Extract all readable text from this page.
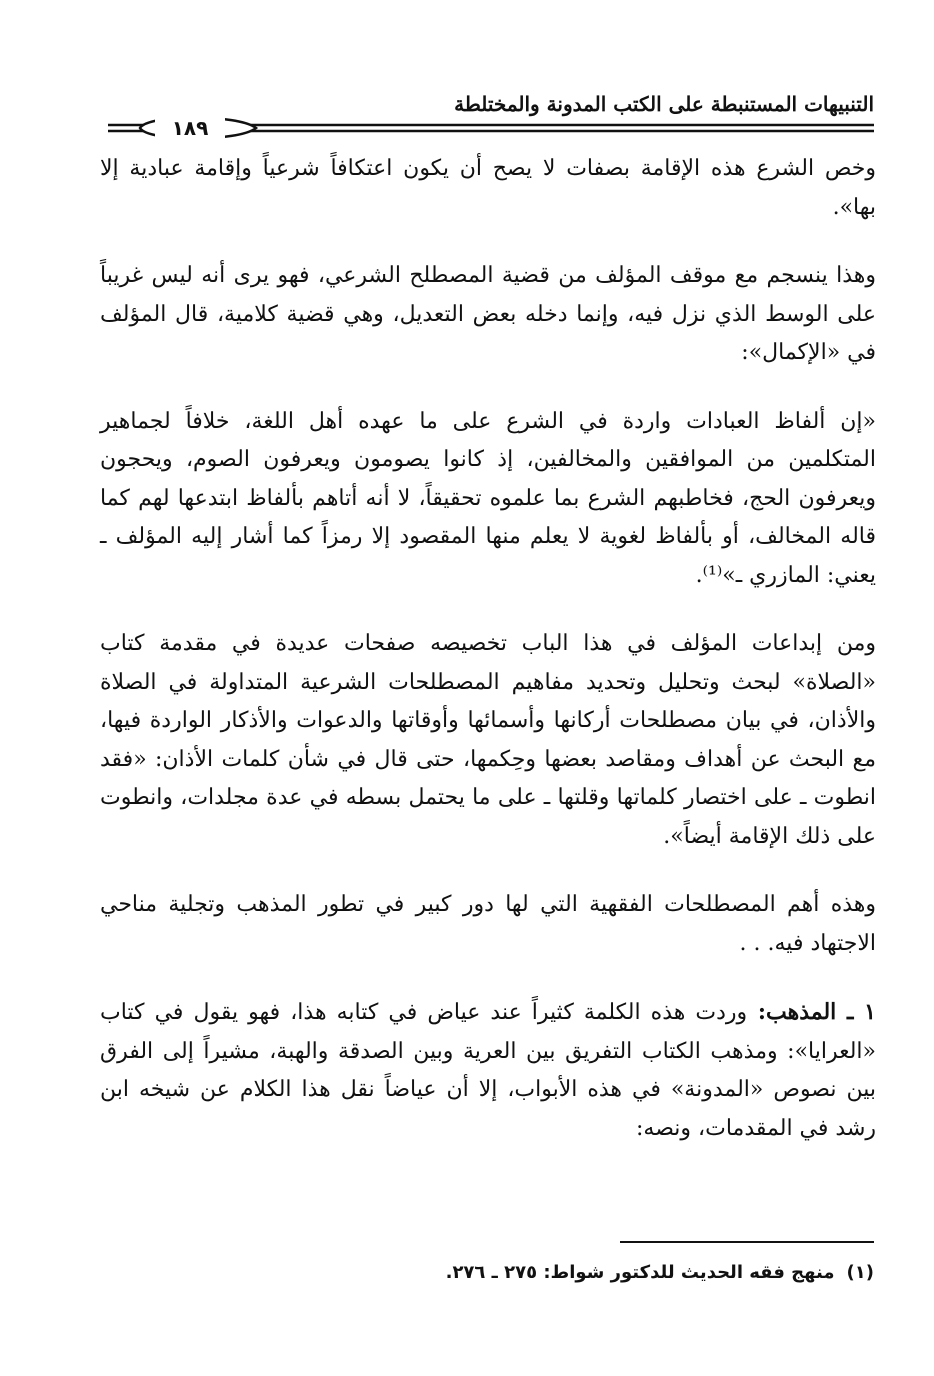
التنبيهات المستنبطة على الكتب المدونة والمختلطة
١٨٩

وخص الشرع هذه الإقامة بصفات لا يصح أن يكون اعتكافاً شرعياً وإقامة عبادية إلا بها».

وهذا ينسجم مع موقف المؤلف من قضية المصطلح الشرعي، فهو يرى أنه ليس غريباً على الوسط الذي نزل فيه، وإنما دخله بعض التعديل، وهي قضية كلامية، قال المؤلف في «الإكمال»:

«إن ألفاظ العبادات واردة في الشرع على ما عهده أهل اللغة، خلافاً لجماهير المتكلمين من الموافقين والمخالفين، إذ كانوا يصومون ويعرفون الصوم، ويحجون ويعرفون الحج، فخاطبهم الشرع بما علموه تحقيقاً، لا أنه أتاهم بألفاظ ابتدعها لهم كما قاله المخالف، أو بألفاظ لغوية لا يعلم منها المقصود إلا رمزاً كما أشار إليه المؤلف ـ يعني: المازري ـ»⁽¹⁾.

ومن إبداعات المؤلف في هذا الباب تخصيصه صفحات عديدة في مقدمة كتاب «الصلاة» لبحث وتحليل وتحديد مفاهيم المصطلحات الشرعية المتداولة في الصلاة والأذان، في بيان مصطلحات أركانها وأسمائها وأوقاتها والدعوات والأذكار الواردة فيها، مع البحث عن أهداف ومقاصد بعضها وحِكمها، حتى قال في شأن كلمات الأذان: «فقد انطوت ـ على اختصار كلماتها وقلتها ـ على ما يحتمل بسطه في عدة مجلدات، وانطوت على ذلك الإقامة أيضاً».

وهذه أهم المصطلحات الفقهية التي لها دور كبير في تطور المذهب وتجلية مناحي الاجتهاد فيه. . .

١ ـ المذهب: وردت هذه الكلمة كثيراً عند عياض في كتابه هذا، فهو يقول في كتاب «العرايا»: ومذهب الكتاب التفريق بين العرية وبين الصدقة والهبة، مشيراً إلى الفرق بين نصوص «المدونة» في هذه الأبواب، إلا أن عياضاً نقل هذا الكلام عن شيخه ابن رشد في المقدمات، ونصه:

(١)منهج فقه الحديث للدكتور شواط: ٢٧٥ ـ ٢٧٦.
